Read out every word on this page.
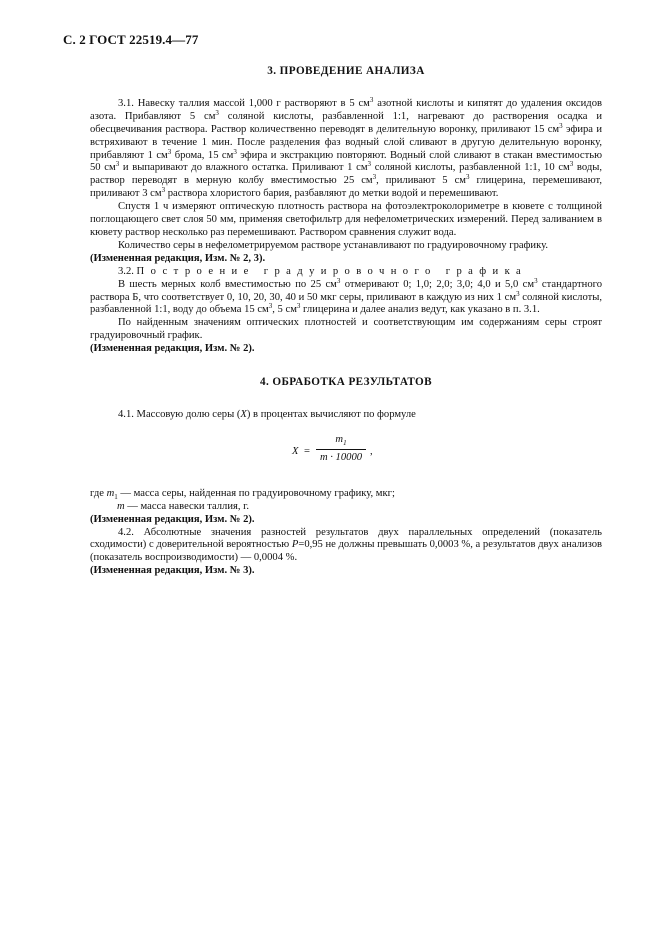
С. 2 ГОСТ 22519.4—77
3. ПРОВЕДЕНИЕ АНАЛИЗА

3.1. Навеску таллия массой 1,000 г растворяют в 5 $см^3$ азотной кислоты и кипятят до удаления оксидов азота. Прибавляют 5 $см^3$ соляной кислоты, разбавленной 1:1, нагревают до растворения осадка и обесцвечивания раствора. Раствор количественно переводят в делительную воронку, приливают 15 $см^3$ эфира и встряхивают в течение 1 мин. После разделения фаз водный слой сливают в другую делительную воронку, прибавляют 1 $см^3$ брома, 15 $см^3$ эфира и экстракцию повторяют. Водный слой сливают в стакан вместимостью 50 $см^3$ и выпаривают до влажного остатка. Приливают 1 $см^3$ соляной кислоты, разбавленной 1:1, 10 $см^3$ воды, раствор переводят в мерную колбу вместимостью 25 $см^3$, приливают 5 $см^3$ глицерина, перемешивают, приливают 3 $см^3$ раствора хлористого бария, разбавляют до метки водой и перемешивают.

Спустя 1 ч измеряют оптическую плотность раствора на фотоэлектроколориметре в кювете с толщиной поглощающего свет слоя 50 мм, применяя светофильтр для нефелометрических измерений. Перед заливанием в кювету раствор несколько раз перемешивают. Раствором сравнения служит вода.

Количество серы в нефелометрируемом растворе устанавливают по градуировочному графику.

(Измененная редакция, Изм. № 2, 3).

3.2. Построение градуировочного графика

В шесть мерных колб вместимостью по 25 $см^3$ отмеривают 0; 1,0; 2,0; 3,0; 4,0 и 5,0 $см^3$ стандартного раствора Б, что соответствует 0, 10, 20, 30, 40 и 50 мкг серы, приливают в каждую из них 1 $см^3$ соляной кислоты, разбавленной 1:1, воду до объема 15 $см^3$, 5 $см^3$ глицерина и далее анализ ведут, как указано в п. 3.1.

По найденным значениям оптических плотностей и соответствующим им содержаниям серы строят градуировочный график.

(Измененная редакция, Изм. № 2).

4. ОБРАБОТКА РЕЗУЛЬТАТОВ

4.1. Массовую долю серы (X) в процентах вычисляют по формуле

X =
$m_1$
m · 10000
,

где $m_1$ — масса серы, найденная по градуировочному графику, мкг;

m — масса навески таллия, г.

(Измененная редакция, Изм. № 2).

4.2. Абсолютные значения разностей результатов двух параллельных определений (показатель сходимости) с доверительной вероятностью Р=0,95 не должны превышать 0,0003 %, а результатов двух анализов (показатель воспроизводимости) — 0,0004 %.

(Измененная редакция, Изм. № 3).
